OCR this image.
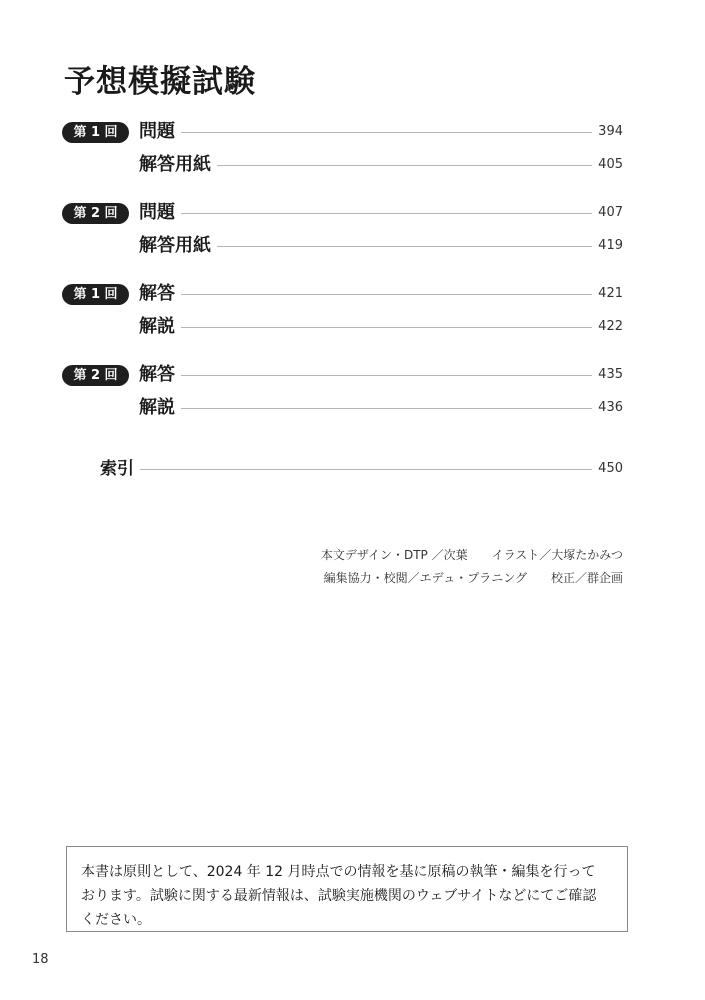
予想模擬試験
第 1 回	問題	394
解答用紙	405
第 2 回	問題	407
解答用紙	419
第 1 回	解答	421
解説	422
第 2 回	解答	435
解説	436
索引	450
本文デザイン・DTP ／次葉　　イラスト／大塚たかみつ
編集協力・校閲／エデュ・プラニング　　校正／群企画
本書は原則として、2024 年 12 月時点での情報を基に原稿の執筆・編集を行って
おります。試験に関する最新情報は、試験実施機関のウェブサイトなどにてご確認
ください。
18
